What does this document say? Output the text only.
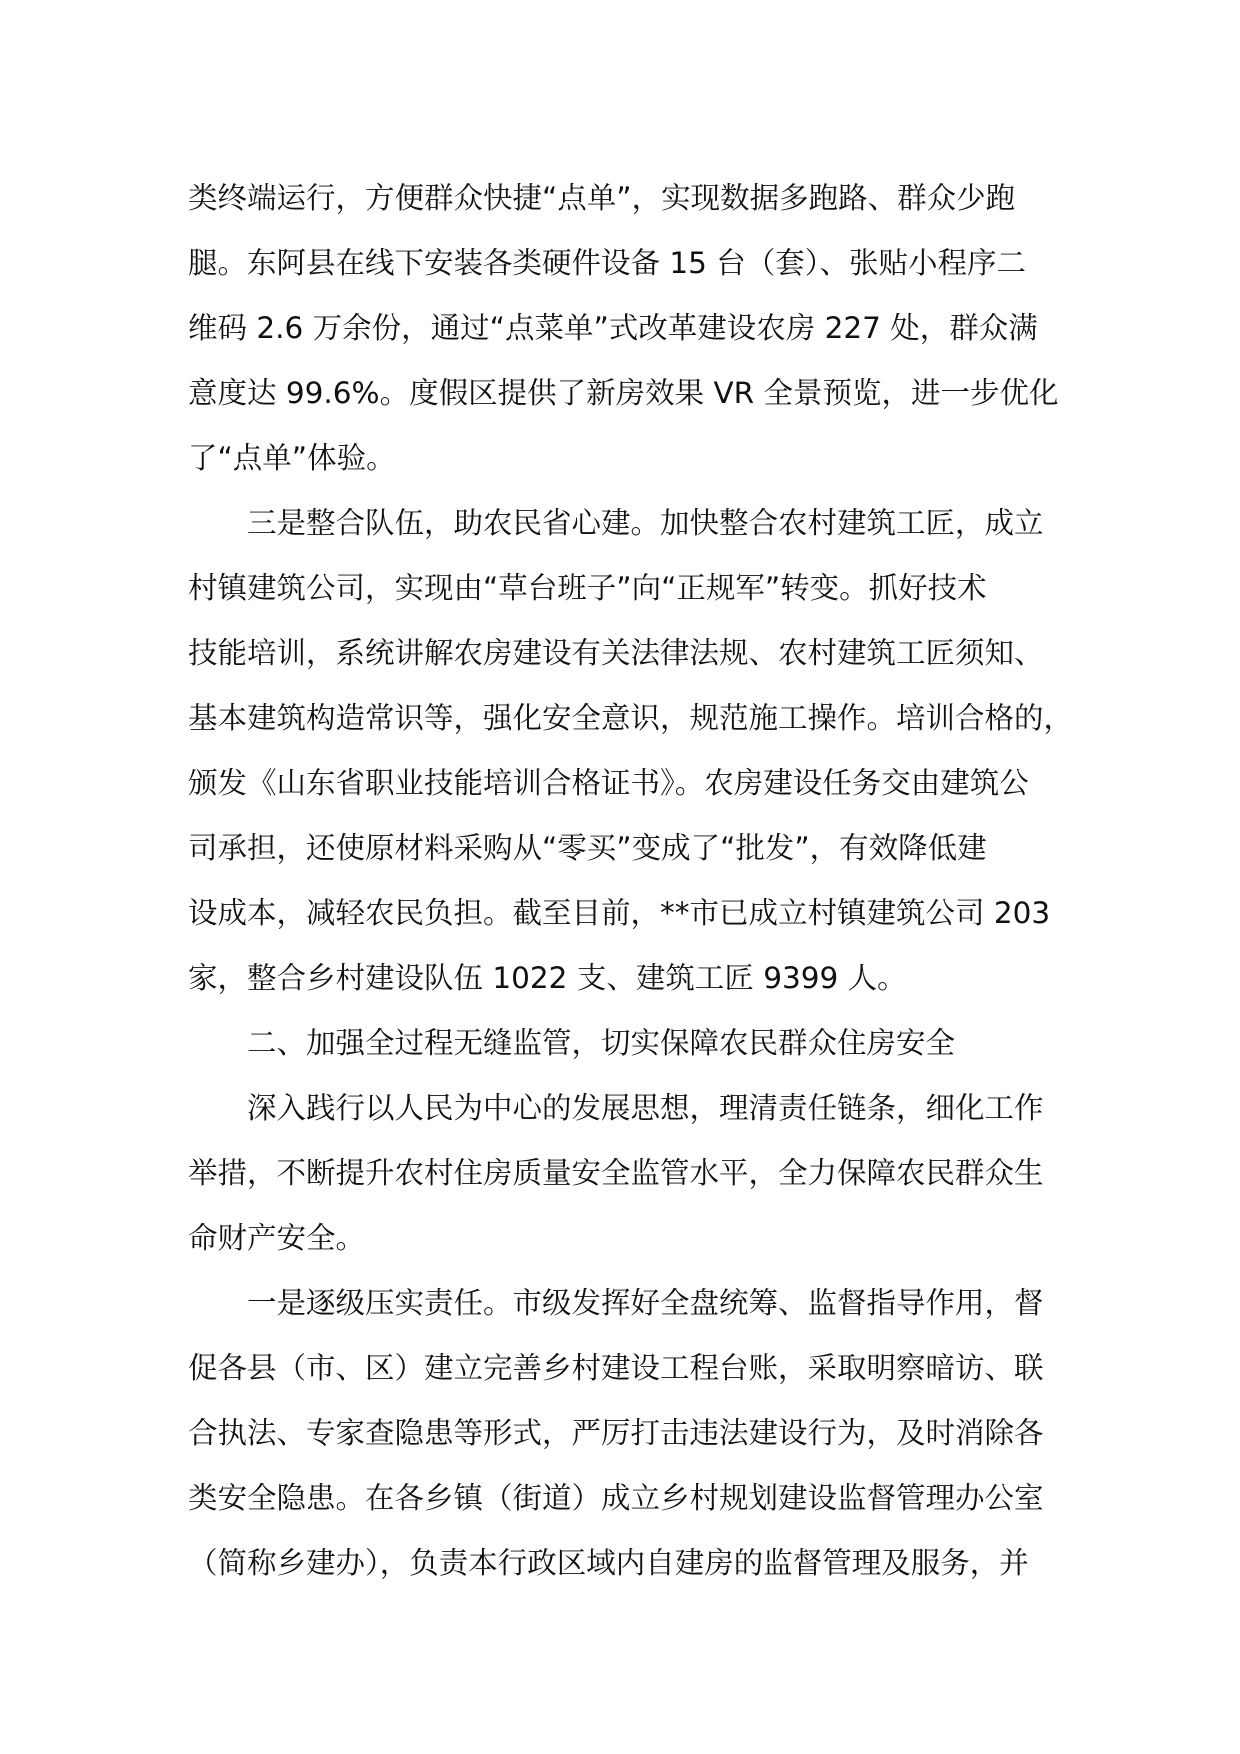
类终端运行，方便群众快捷“点单”，实现数据多跑路、群众少跑
腿。东阿县在线下安装各类硬件设备 15 台（套）、张贴小程序二
维码 2.6 万余份，通过“点菜单”式改革建设农房 227 处，群众满
意度达 99.6%。度假区提供了新房效果 VR 全景预览，进一步优化
了“点单”体验。
三是整合队伍，助农民省心建。加快整合农村建筑工匠，成立
村镇建筑公司，实现由“草台班子”向“正规军”转变。抓好技术
技能培训，系统讲解农房建设有关法律法规、农村建筑工匠须知、
基本建筑构造常识等，强化安全意识，规范施工操作。培训合格的，
颁发《山东省职业技能培训合格证书》。农房建设任务交由建筑公
司承担，还使原材料采购从“零买”变成了“批发”，有效降低建
设成本，减轻农民负担。截至目前，**市已成立村镇建筑公司 203
家，整合乡村建设队伍 1022 支、建筑工匠 9399 人。
二、加强全过程无缝监管，切实保障农民群众住房安全
深入践行以人民为中心的发展思想，理清责任链条，细化工作
举措，不断提升农村住房质量安全监管水平，全力保障农民群众生
命财产安全。
一是逐级压实责任。市级发挥好全盘统筹、监督指导作用，督
促各县（市、区）建立完善乡村建设工程台账，采取明察暗访、联
合执法、专家查隐患等形式，严厉打击违法建设行为，及时消除各
类安全隐患。在各乡镇（街道）成立乡村规划建设监督管理办公室
（简称乡建办），负责本行政区域内自建房的监督管理及服务，并
